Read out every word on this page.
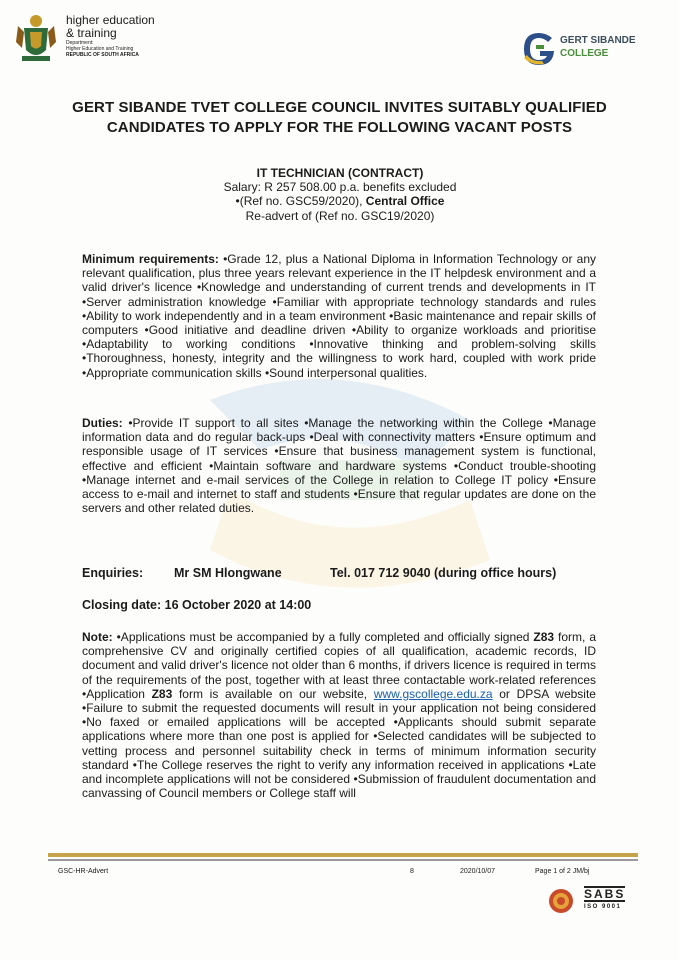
higher education
& training
Department:
Higher Education and Training
REPUBLIC OF SOUTH AFRICA
GERT SIBANDE
COLLEGE
GERT SIBANDE TVET COLLEGE COUNCIL INVITES SUITABLY QUALIFIED CANDIDATES TO APPLY FOR THE FOLLOWING VACANT POSTS
IT TECHNICIAN (CONTRACT)
Salary: R 257 508.00 p.a. benefits excluded
•(Ref no. GSC59/2020), Central Office
Re-advert of (Ref no. GSC19/2020)
Minimum requirements: •Grade 12, plus a National Diploma in Information Technology or any relevant qualification, plus three years relevant experience in the IT helpdesk environment and a valid driver's licence •Knowledge and understanding of current trends and developments in IT •Server administration knowledge •Familiar with appropriate technology standards and rules •Ability to work independently and in a team environment •Basic maintenance and repair skills of computers •Good initiative and deadline driven •Ability to organize workloads and prioritise •Adaptability to working conditions •Innovative thinking and problem-solving skills •Thoroughness, honesty, integrity and the willingness to work hard, coupled with work pride •Appropriate communication skills •Sound interpersonal qualities.
Duties: •Provide IT support to all sites •Manage the networking within the College •Manage information data and do regular back-ups •Deal with connectivity matters •Ensure optimum and responsible usage of IT services •Ensure that business management system is functional, effective and efficient •Maintain software and hardware systems •Conduct trouble-shooting •Manage internet and e-mail services of the College in relation to College IT policy •Ensure access to e-mail and internet to staff and students •Ensure that regular updates are done on the servers and other related duties.
Enquiries: Mr SM Hlongwane	Tel. 017 712 9040 (during office hours)
Closing date: 16 October 2020 at 14:00
Note: •Applications must be accompanied by a fully completed and officially signed Z83 form, a comprehensive CV and originally certified copies of all qualification, academic records, ID document and valid driver's licence not older than 6 months, if drivers licence is required in terms of the requirements of the post, together with at least three contactable work-related references •Application Z83 form is available on our website, www.gscollege.edu.za or DPSA website •Failure to submit the requested documents will result in your application not being considered •No faxed or emailed applications will be accepted •Applicants should submit separate applications where more than one post is applied for •Selected candidates will be subjected to vetting process and personnel suitability check in terms of minimum information security standard •The College reserves the right to verify any information received in applications •Late and incomplete applications will not be considered •Submission of fraudulent documentation and canvassing of Council members or College staff will
GSC-HR-Advert	8	2020/10/07	Page 1 of 2 JM/bj
SABS
ISO 9001
